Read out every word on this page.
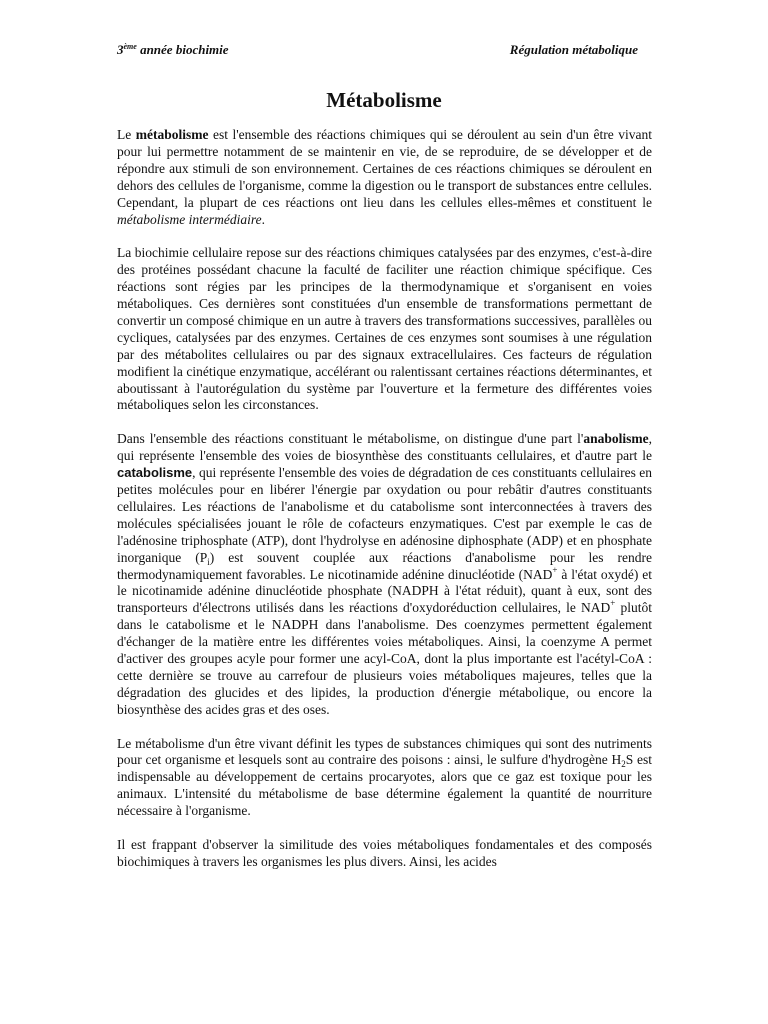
3ème année biochimie	Régulation métabolique
Métabolisme

Le métabolisme est l'ensemble des réactions chimiques qui se déroulent au sein d'un être vivant pour lui permettre notamment de se maintenir en vie, de se reproduire, de se développer et de répondre aux stimuli de son environnement. Certaines de ces réactions chimiques se déroulent en dehors des cellules de l'organisme, comme la digestion ou le transport de substances entre cellules. Cependant, la plupart de ces réactions ont lieu dans les cellules elles-mêmes et constituent le métabolisme intermédiaire.

La biochimie cellulaire repose sur des réactions chimiques catalysées par des enzymes, c'est-à-dire des protéines possédant chacune la faculté de faciliter une réaction chimique spécifique. Ces réactions sont régies par les principes de la thermodynamique et s'organisent en voies métaboliques. Ces dernières sont constituées d'un ensemble de transformations permettant de convertir un composé chimique en un autre à travers des transformations successives, parallèles ou cycliques, catalysées par des enzymes. Certaines de ces enzymes sont soumises à une régulation par des métabolites cellulaires ou par des signaux extracellulaires. Ces facteurs de régulation modifient la cinétique enzymatique, accélérant ou ralentissant certaines réactions déterminantes, et aboutissant à l'autorégulation du système par l'ouverture et la fermeture des différentes voies métaboliques selon les circonstances.

Dans l'ensemble des réactions constituant le métabolisme, on distingue d'une part l'anabolisme, qui représente l'ensemble des voies de biosynthèse des constituants cellulaires, et d'autre part le catabolisme, qui représente l'ensemble des voies de dégradation de ces constituants cellulaires en petites molécules pour en libérer l'énergie par oxydation ou pour rebâtir d'autres constituants cellulaires. Les réactions de l'anabolisme et du catabolisme sont interconnectées à travers des molécules spécialisées jouant le rôle de cofacteurs enzymatiques. C'est par exemple le cas de l'adénosine triphosphate (ATP), dont l'hydrolyse en adénosine diphosphate (ADP) et en phosphate inorganique $(P_i)$ est souvent couplée aux réactions d'anabolisme pour les rendre thermodynamiquement favorables. Le nicotinamide adénine dinucléotide (NAD+ à l'état oxydé) et le nicotinamide adénine dinucléotide phosphate (NADPH à l'état réduit), quant à eux, sont des transporteurs d'électrons utilisés dans les réactions d'oxydoréduction cellulaires, le NAD+ plutôt dans le catabolisme et le NADPH dans l'anabolisme. Des coenzymes permettent également d'échanger de la matière entre les différentes voies métaboliques. Ainsi, la coenzyme A permet d'activer des groupes acyle pour former une acyl-CoA, dont la plus importante est l'acétyl-CoA : cette dernière se trouve au carrefour de plusieurs voies métaboliques majeures, telles que la dégradation des glucides et des lipides, la production d'énergie métabolique, ou encore la biosynthèse des acides gras et des oses.

Le métabolisme d'un être vivant définit les types de substances chimiques qui sont des nutriments pour cet organisme et lesquels sont au contraire des poisons : ainsi, le sulfure d'hydrogène $H_2S$ est indispensable au développement de certains procaryotes, alors que ce gaz est toxique pour les animaux. L'intensité du métabolisme de base détermine également la quantité de nourriture nécessaire à l'organisme.

Il est frappant d'observer la similitude des voies métaboliques fondamentales et des composés biochimiques à travers les organismes les plus divers. Ainsi, les acides
